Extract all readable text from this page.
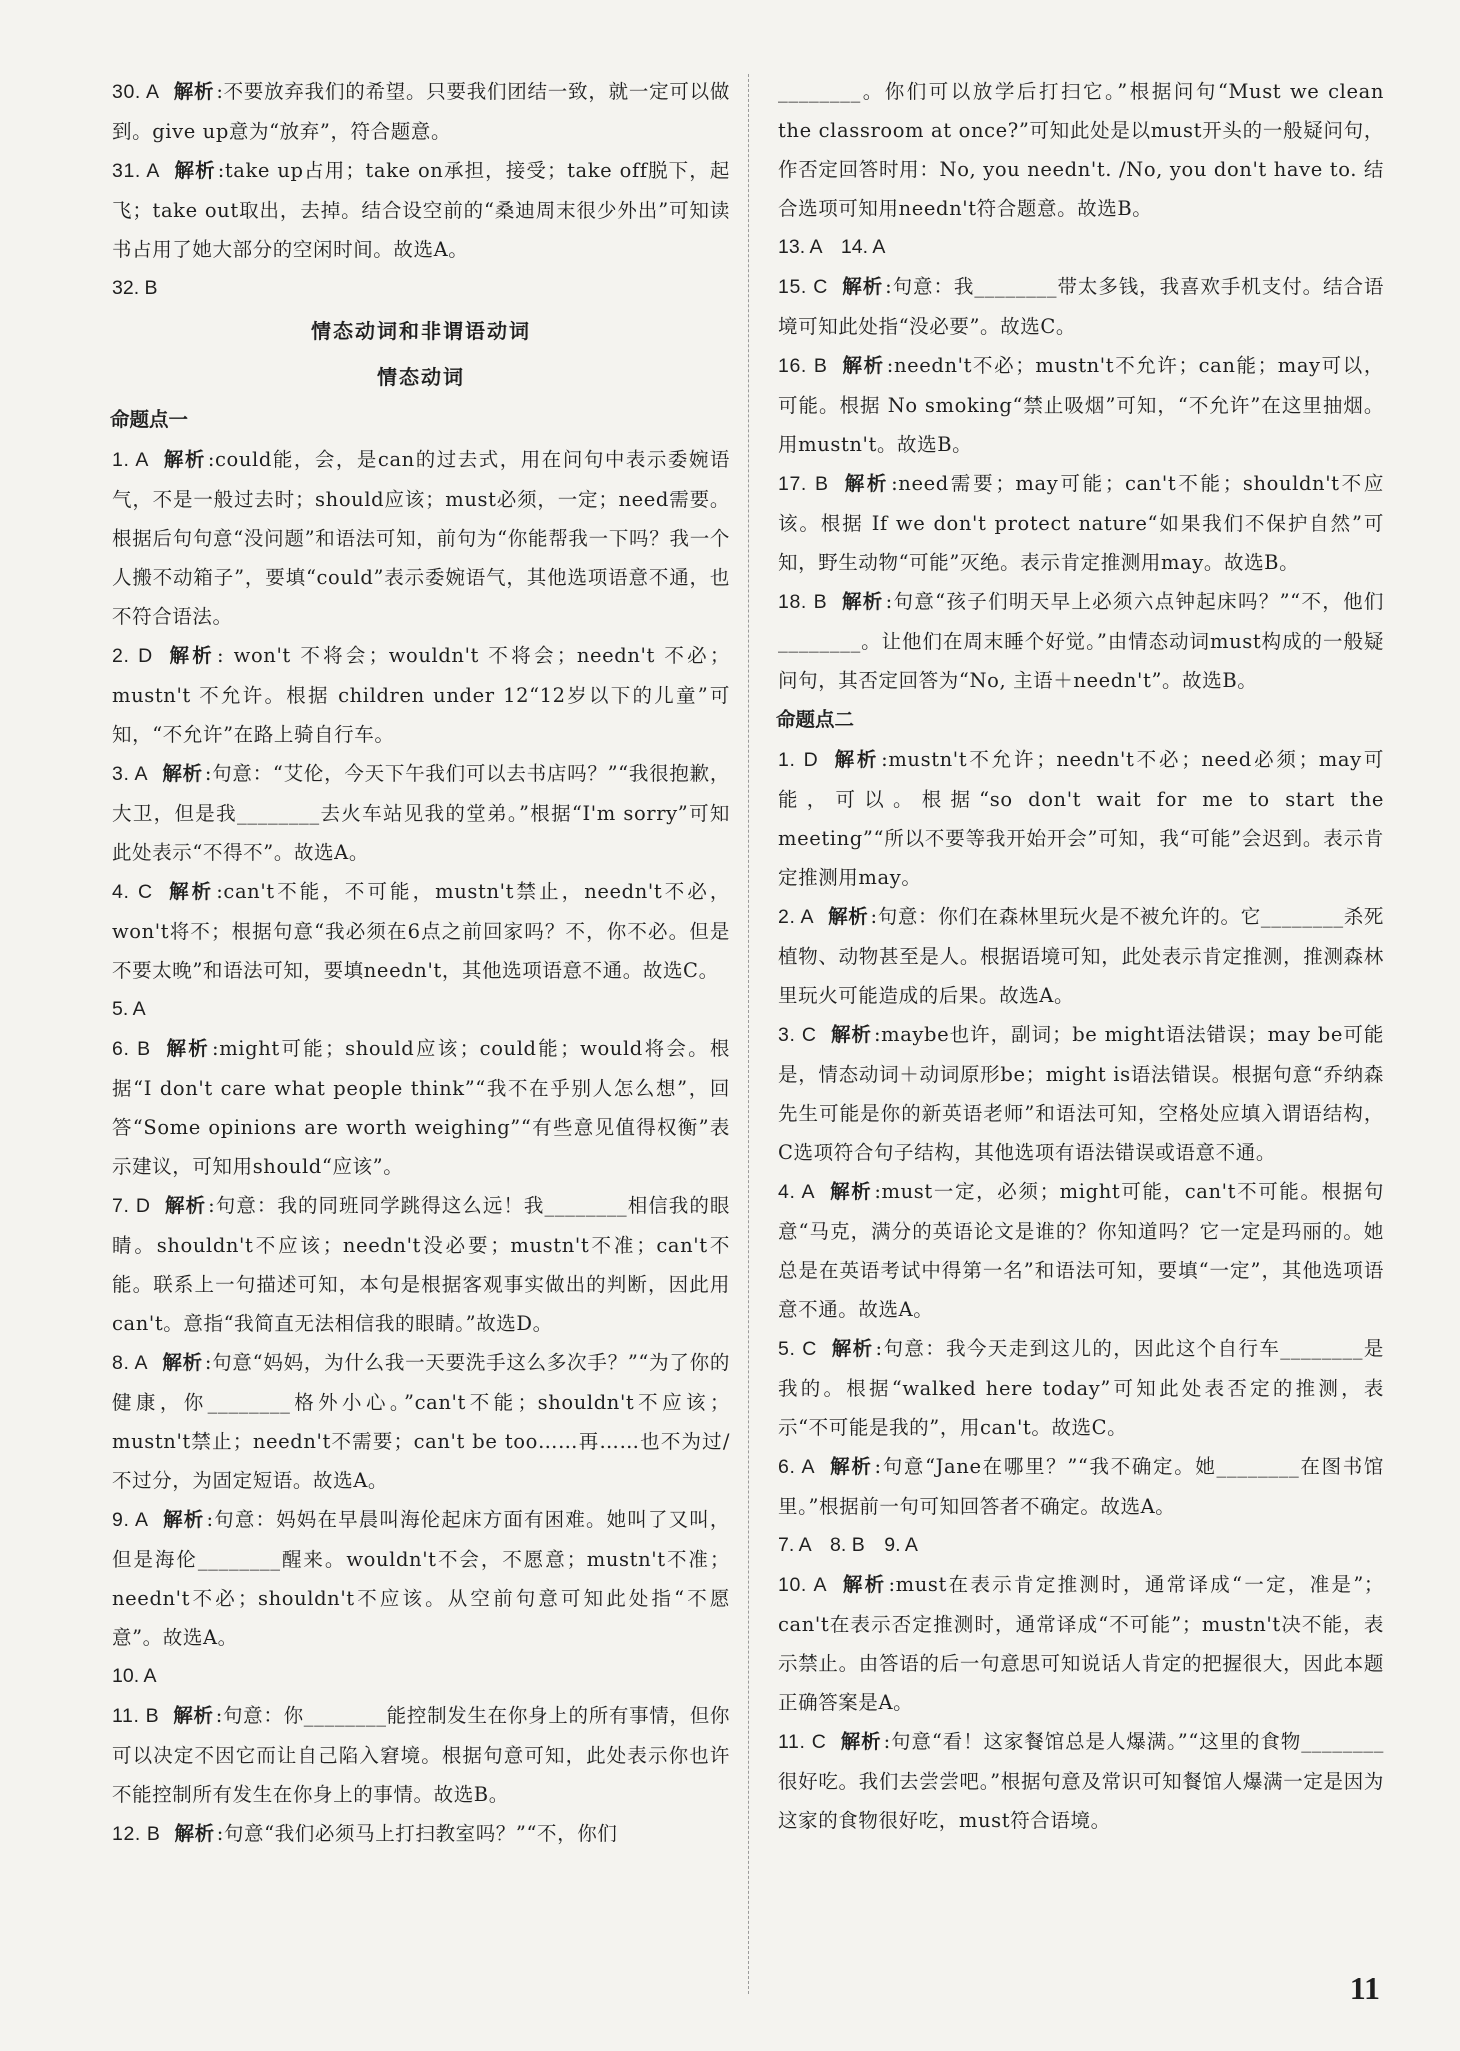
30. A 解析 :不要放弃我们的希望。只要我们团结一致，就一定可以做到。give up意为“放弃”，符合题意。
31. A 解析 :take up占用；take on承担，接受；take off脱下，起飞；take out取出，去掉。结合设空前的“桑迪周末很少外出”可知读书占用了她大部分的空闲时间。故选A。
32. B
情态动词和非谓语动词
情态动词
命题点一
1. A 解析 :could能，会，是can的过去式，用在问句中表示委婉语气，不是一般过去时；should应该；must必须，一定；need需要。根据后句句意“没问题”和语法可知，前句为“你能帮我一下吗？我一个人搬不动箱子”，要填“could”表示委婉语气，其他选项语意不通，也不符合语法。
2. D 解析 : won't 不将会；wouldn't 不将会；needn't 不必；mustn't 不允许。根据 children under 12“12岁以下的儿童”可知，“不允许”在路上骑自行车。
3. A 解析 :句意：“艾伦，今天下午我们可以去书店吗？”“我很抱歉，大卫，但是我________去火车站见我的堂弟。”根据“I'm sorry”可知此处表示“不得不”。故选A。
4. C 解析 :can't不能，不可能，mustn't禁止，needn't不必，won't将不；根据句意“我必须在6点之前回家吗？不，你不必。但是不要太晚”和语法可知，要填needn't，其他选项语意不通。故选C。
5. A
6. B 解析 :might可能；should应该；could能；would将会。根据“I don't care what people think”“我不在乎别人怎么想”，回答“Some opinions are worth weighing”“有些意见值得权衡”表示建议，可知用should“应该”。
7. D 解析 :句意：我的同班同学跳得这么远！我________相信我的眼睛。shouldn't不应该；needn't没必要；mustn't不准；can't不能。联系上一句描述可知，本句是根据客观事实做出的判断，因此用can't。意指“我简直无法相信我的眼睛。”故选D。
8. A 解析 :句意“妈妈，为什么我一天要洗手这么多次手？”“为了你的健康，你________格外小心。”can't不能；shouldn't不应该；mustn't禁止；needn't不需要；can't be too……再……也不为过/不过分，为固定短语。故选A。
9. A 解析 :句意：妈妈在早晨叫海伦起床方面有困难。她叫了又叫，但是海伦________醒来。wouldn't不会，不愿意；mustn't不准；needn't不必；shouldn't不应该。从空前句意可知此处指“不愿意”。故选A。
10. A
11. B 解析 :句意：你________能控制发生在你身上的所有事情，但你可以决定不因它而让自己陷入窘境。根据句意可知，此处表示你也许不能控制所有发生在你身上的事情。故选B。
12. B 解析 :句意“我们必须马上打扫教室吗？”“不，你们
________。你们可以放学后打扫它。”根据问句“Must we clean the classroom at once?”可知此处是以must开头的一般疑问句，作否定回答时用：No, you needn't. /No, you don't have to. 结合选项可知用needn't符合题意。故选B。
13. A　14. A
15. C 解析 :句意：我________带太多钱，我喜欢手机支付。结合语境可知此处指“没必要”。故选C。
16. B 解析 :needn't不必；mustn't不允许；can能；may可以，可能。根据 No smoking“禁止吸烟”可知，“不允许”在这里抽烟。用mustn't。故选B。
17. B 解析 :need需要；may可能；can't不能；shouldn't不应该。根据 If we don't protect nature“如果我们不保护自然”可知，野生动物“可能”灭绝。表示肯定推测用may。故选B。
18. B 解析 :句意“孩子们明天早上必须六点钟起床吗？”“不，他们________。让他们在周末睡个好觉。”由情态动词must构成的一般疑问句，其否定回答为“No, 主语＋needn't”。故选B。
命题点二
1. D 解析 :mustn't不允许；needn't不必；need必须；may可能，可以。根据“so don't wait for me to start the meeting”“所以不要等我开始开会”可知，我“可能”会迟到。表示肯定推测用may。
2. A 解析 :句意：你们在森林里玩火是不被允许的。它________杀死植物、动物甚至是人。根据语境可知，此处表示肯定推测，推测森林里玩火可能造成的后果。故选A。
3. C 解析 :maybe也许，副词；be might语法错误；may be可能是，情态动词＋动词原形be；might is语法错误。根据句意“乔纳森先生可能是你的新英语老师”和语法可知，空格处应填入谓语结构，C选项符合句子结构，其他选项有语法错误或语意不通。
4. A 解析 :must一定，必须；might可能，can't不可能。根据句意“马克，满分的英语论文是谁的？你知道吗？它一定是玛丽的。她总是在英语考试中得第一名”和语法可知，要填“一定”，其他选项语意不通。故选A。
5. C 解析 :句意：我今天走到这儿的，因此这个自行车________是我的。根据“walked here today”可知此处表否定的推测，表示“不可能是我的”，用can't。故选C。
6. A 解析 :句意“Jane在哪里？”“我不确定。她________在图书馆里。”根据前一句可知回答者不确定。故选A。
7. A　8. B　9. A
10. A 解析 :must在表示肯定推测时，通常译成“一定，准是”；can't在表示否定推测时，通常译成“不可能”；mustn't决不能，表示禁止。由答语的后一句意思可知说话人肯定的把握很大，因此本题正确答案是A。
11. C 解析 :句意“看！这家餐馆总是人爆满。”“这里的食物________很好吃。我们去尝尝吧。”根据句意及常识可知餐馆人爆满一定是因为这家的食物很好吃，must符合语境。
11
